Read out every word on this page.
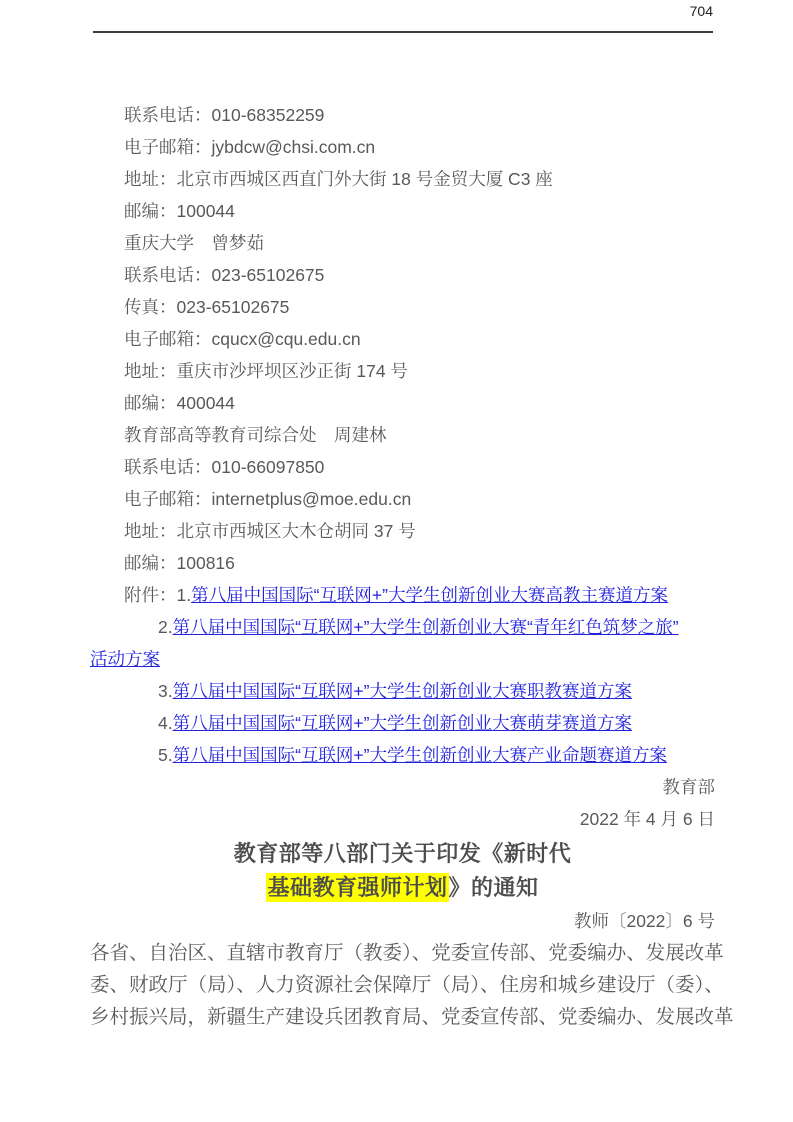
704

联系电话：010-68352259

电子邮箱：jybdcw@chsi.com.cn

地址：北京市西城区西直门外大街 18 号金贸大厦 C3 座

邮编：100044

重庆大学　曾梦茹

联系电话：023-65102675

传真：023-65102675

电子邮箱：cqucx@cqu.edu.cn

地址：重庆市沙坪坝区沙正街 174 号

邮编：400044

教育部高等教育司综合处　周建林

联系电话：010-66097850

电子邮箱：internetplus@moe.edu.cn

地址：北京市西城区大木仓胡同 37 号

邮编：100816

附件：1.第八届中国国际“互联网+”大学生创新创业大赛高教主赛道方案

2.第八届中国国际“互联网+”大学生创新创业大赛“青年红色筑梦之旅”

活动方案

3.第八届中国国际“互联网+”大学生创新创业大赛职教赛道方案

4.第八届中国国际“互联网+”大学生创新创业大赛萌芽赛道方案

5.第八届中国国际“互联网+”大学生创新创业大赛产业命题赛道方案

教育部

2022 年 4 月 6 日

教育部等八部门关于印发《新时代
基础教育强师计划》的通知

教师〔2022〕6 号

各省、自治区、直辖市教育厅（教委）、党委宣传部、党委编办、发展改革

委、财政厅（局）、人力资源社会保障厅（局）、住房和城乡建设厅（委）、

乡村振兴局，新疆生产建设兵团教育局、党委宣传部、党委编办、发展改革
